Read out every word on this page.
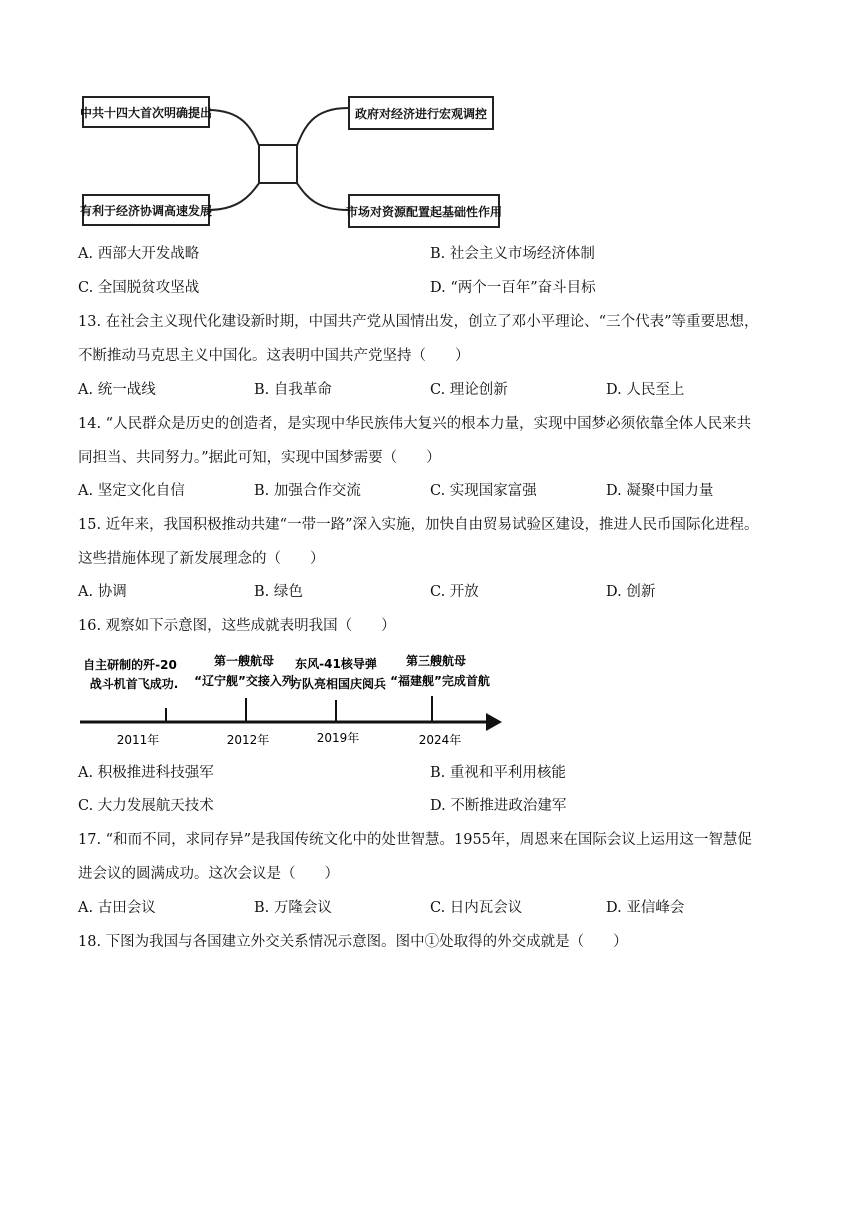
中共十四大首次明确提出
有利于经济协调高速发展
政府对经济进行宏观调控
市场对资源配置起基础性作用
A. 西部大开发战略	B. 社会主义市场经济体制
C. 全国脱贫攻坚战	D. “两个一百年”奋斗目标
13. 在社会主义现代化建设新时期，中国共产党从国情出发，创立了邓小平理论、“三个代表”等重要思想，
不断推动马克思主义中国化。这表明中国共产党坚持（　　）
A. 统一战线	B. 自我革命	C. 理论创新	D. 人民至上
14. “人民群众是历史的创造者，是实现中华民族伟大复兴的根本力量，实现中国梦必须依靠全体人民来共
同担当、共同努力。”据此可知，实现中国梦需要（　　）
A. 坚定文化自信	B. 加强合作交流	C. 实现国家富强	D. 凝聚中国力量
15. 近年来，我国积极推动共建“一带一路”深入实施，加快自由贸易试验区建设，推进人民币国际化进程。
这些措施体现了新发展理念的（　　）
A. 协调	B. 绿色	C. 开放	D. 创新
16. 观察如下示意图，这些成就表明我国（　　）
自主研制的歼-20
战斗机首飞成功.
2011年
第一艘航母
“辽宁舰”交接入列
2012年
东风-41核导弹
方队亮相国庆阅兵
2019年
第三艘航母
“福建舰”完成首航
2024年
A. 积极推进科技强军	B. 重视和平利用核能
C. 大力发展航天技术	D. 不断推进政治建军
17. “和而不同，求同存异”是我国传统文化中的处世智慧。1955年，周恩来在国际会议上运用这一智慧促
进会议的圆满成功。这次会议是（　　）
A. 古田会议	B. 万隆会议	C. 日内瓦会议	D. 亚信峰会
18. 下图为我国与各国建立外交关系情况示意图。图中①处取得的外交成就是（　　）
